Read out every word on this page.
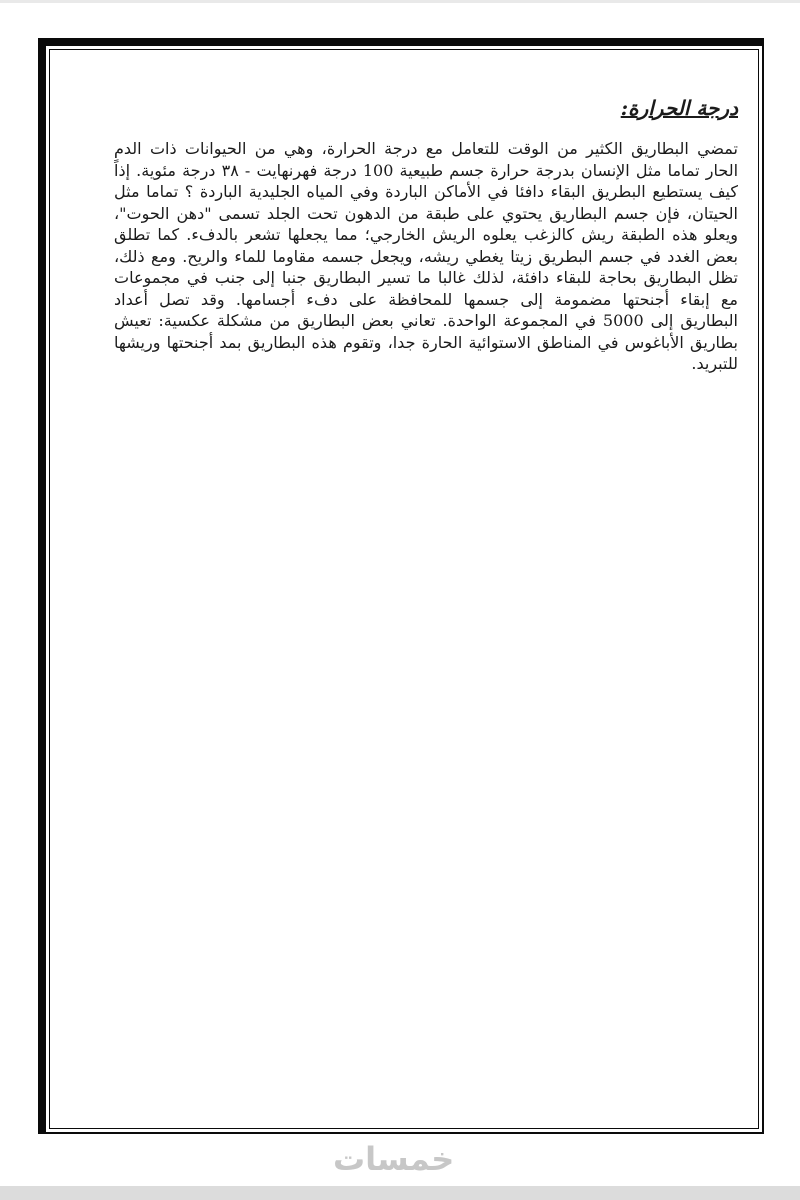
درجة الحرارة:

تمضي البطاريق الكثير من الوقت للتعامل مع درجة الحرارة، وهي من الحيوانات ذات الدم الحار تماما مثل الإنسان بدرجة حرارة جسم طبيعية 100 درجة فهرنهايت - ٣٨ درجة مئوية. إذاً كيف يستطيع البطريق البقاء دافئا في الأماكن الباردة وفي المياه الجليدية الباردة ؟ تماما مثل الحيتان، فإن جسم البطاريق يحتوي على طبقة من الدهون تحت الجلد تسمى "دهن الحوت"، ويعلو هذه الطبقة ريش كالزغب يعلوه الريش الخارجي؛ مما يجعلها تشعر بالدفء. كما تطلق بعض الغدد في جسم البطريق زيتا يغطي ريشه، ويجعل جسمه مقاوما للماء والريح. ومع ذلك، تظل البطاريق بحاجة للبقاء دافئة، لذلك غالبا ما تسير البطاريق جنبا إلى جنب في مجموعات مع إبقاء أجنحتها مضمومة إلى جسمها للمحافظة على دفء أجسامها. وقد تصل أعداد البطاريق إلى 5000 في المجموعة الواحدة. تعاني بعض البطاريق من مشكلة عكسية: تعيش بطاريق الأباغوس في المناطق الاستوائية الحارة جدا، وتقوم هذه البطاريق بمد أجنحتها وريشها للتبريد.

خمسات
